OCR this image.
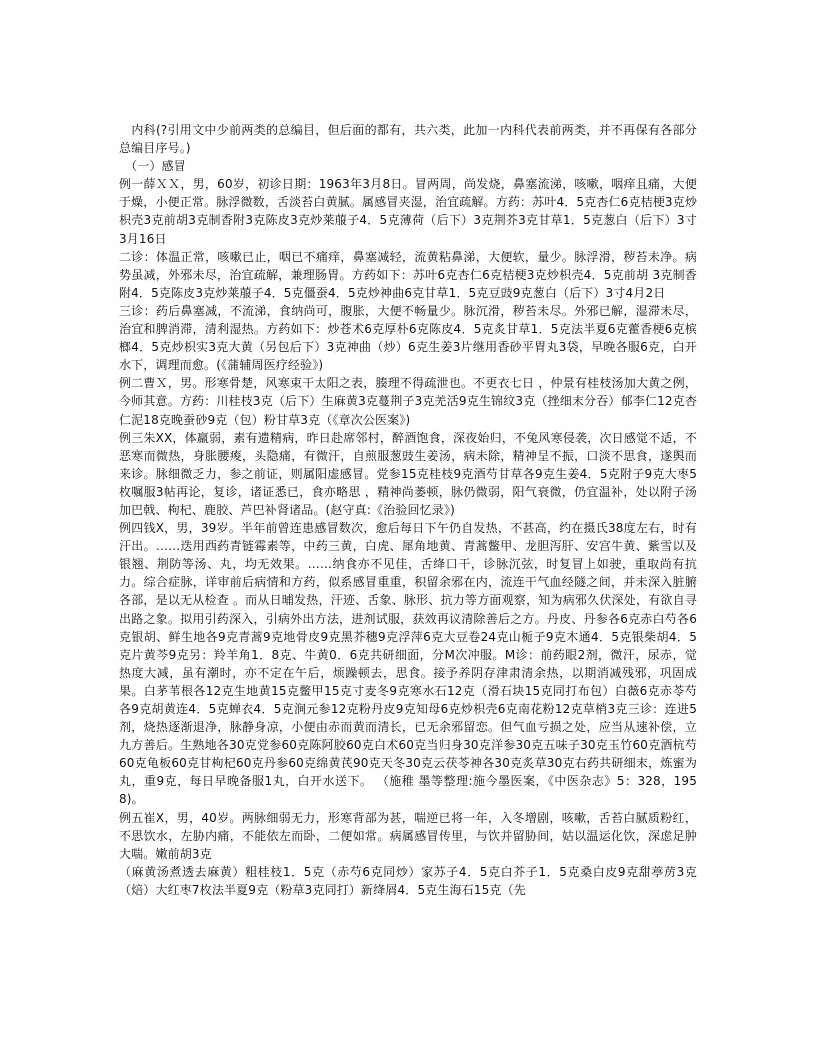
　内科(?引用文中少前两类的总编目，但后面的都有，共六类，此加一内科代表前两类，并不再保有各部分总编目序号。)

　（一）感冒

例一薛ＸＸ，男，60岁，初诊日期：1963年3月8日。冒两周，尚发烧，鼻塞流涕，咳嗽，咽痒且痛，大便于燥，小便正常。脉浮微数，舌淡苔白黄腻。属感冒夹湿，治宜疏解。方药：苏叶4．5克杏仁6克桔梗3克炒枳壳3克前胡3克制香附3克陈皮3克炒莱菔子4．5克薄荷（后下）3克荆芥3克甘草1．5克葱白（后下）3寸3月16日

二诊：体温正常，咳嗽已止，咽已不痛痒，鼻塞减轻，流黄粘鼻涕，大便软，量少。脉浮滑，秽苔未净。病势虽减，外邪未尽，治宜疏解，兼理肠胃。方药如下：苏叶6克杏仁6克桔梗3克炒枳壳4．5克前胡 3克制香附4．5克陈皮3克炒莱菔子4．5克僵蚕4．5克炒神曲6克甘草1．5克豆豉9克葱白（后下）3寸4月2日

三诊：药后鼻塞减，不流涕，食纳尚可，腹胀，大便不畅量少。脉沉滑，秽苔未尽。外邪已解，湿滞未尽，治宜和脾消滞，清利湿热。方药如下：炒苍术6克厚朴6克陈皮4．5克炙甘草1．5克法半夏6克藿香梗6克槟榔4．5克炒枳实3克大黄（另包后下）3克神曲（炒）6克生姜3片继用香砂平胃丸3袋，早晚各服6克，白开水下，调理而愈。(《蒲辅周医疗经验》)

例二曹Ｘ，男。形寒骨楚，风寒束干太阳之表，腠理不得疏泄也。不更衣七日 ，仲景有桂枝汤加大黄之例，今师其意。方药：川桂枝3克（后下）生麻黄3克蔓荆子3克羌活9克生锦纹3克（挫细末分吞）郁李仁12克杏仁泥18克晚蚕砂9克（包）粉甘草3克（《章次公医案》)

例三朱XX，体羸弱，素有遗精病，昨日赴席邻村，醉酒饱食，深夜始归，不兔风寒侵袭，次日感觉不适，不恶寒而微热，身胀腰痠，头隐痛，有微汗，自煎服葱豉生姜汤，病未除，精神呈不振，口淡不思食，遂舆而来诊。脉细微乏力，参之前证，则属阳虚感冒。党参15克桂枝9克酒芍甘草各9克生姜4．5克附子9克大枣5枚嘱服3帖再论，复诊，诸证悉已，食亦略思 ，精神尚萎顿，脉仍微弱，阳气衰微，仍宜温补，处以附子汤加巴戟、枸杞、鹿胶、芦巴补肾诸品。(赵守真:《治验回忆录》)

例四钱X，男，39岁。半年前曾连患感冒数次，愈后每日下午仍自发热，不甚高，约在摄氏38度左右，时有汗出。……迭用西药青链霉素等，中药三黄，白虎、犀角地黄、青蒿鳖甲、龙胆泻肝、安宫牛黄、紫雪以及银翘、荆防等汤、丸，均无效果。……纳食亦不见佳，舌绛口干，诊脉沉弦，时复冒上如驶，重取尚有抗力。综合症脉，详审前后病情和方药，似系感冒重重，积留余邪在内，流连干气血经隧之间，并未深入脏腑各部，是以无从检查 。而从日晡发热，汗迹、舌象、脉形、抗力等方面观察，知为病邪久伏深处，有欲自寻出路之象。拟用引药深入，引病外出方法，进剂试服，获效再议清除善后之方。丹皮、丹参各6克赤白芍各6克银胡、鲜生地各9克青蒿9克地骨皮9克黑芥穗9克浮萍6克大豆卷24克山栀子9克木通4．5克银柴胡4．5克片黄芩9克另：羚羊角1．8克、牛黄0．6克共研细面，分M次冲服。M诊：前药眼2剂，微汗，尿赤，觉热度大减，虽有潮时，亦不定在午后，烦躁顿去，思食。接予养阴存津肃清余热，以期消减残邪，巩固成果。白茅苇根各12克生地黄15克鳖甲15克寸麦冬9克寒水石12克（滑石块15克同打布包）白薇6克赤苓芍各9克胡黄连4．5克蝉衣4．5克涧元参12克粉丹皮9克知母6克炒枳壳6克南花粉12克草梢3克三诊：连进5剂，烧热逐渐退净，脉静身凉，小便由赤而黄而清长，已无余邪留恋。但气血亏损之处，应当从速补偿，立九方善后。生熟地各30克党参60克陈阿胶60克白术60克当归身30克洋参30克五味子30克玉竹60克酒杭芍60克龟板60克甘枸杞60克丹参60克绵黄芪90克天冬30克云茯苓神各30克炙草30克右药共研细末，炼蜜为丸，重9克，每日早晚备服1丸，白开水送下。 （施稚 墨等整理:施今墨医案，《中医杂志》5：328，1958)。

例五崔X，男，40岁。两脉细弱无力，形寒背部为甚，喘逆已将一年，入冬增剧，咳嗽，舌苔白腻质粉红，不思饮水，左胁内痛，不能依左而卧，二便如常。病属感冒传里，与饮并留胁间，姑以温运化饮，深虑足肿大喘。嫩前胡3克

（麻黄汤煮透去麻黄）粗桂枝1．5克（赤芍6克同炒）家苏子4．5克白芥子1．5克桑白皮9克甜葶苈3克（焙）大红枣7枚法半夏9克（粉草3克同打）新绛屑4．5克生海石15克（先
